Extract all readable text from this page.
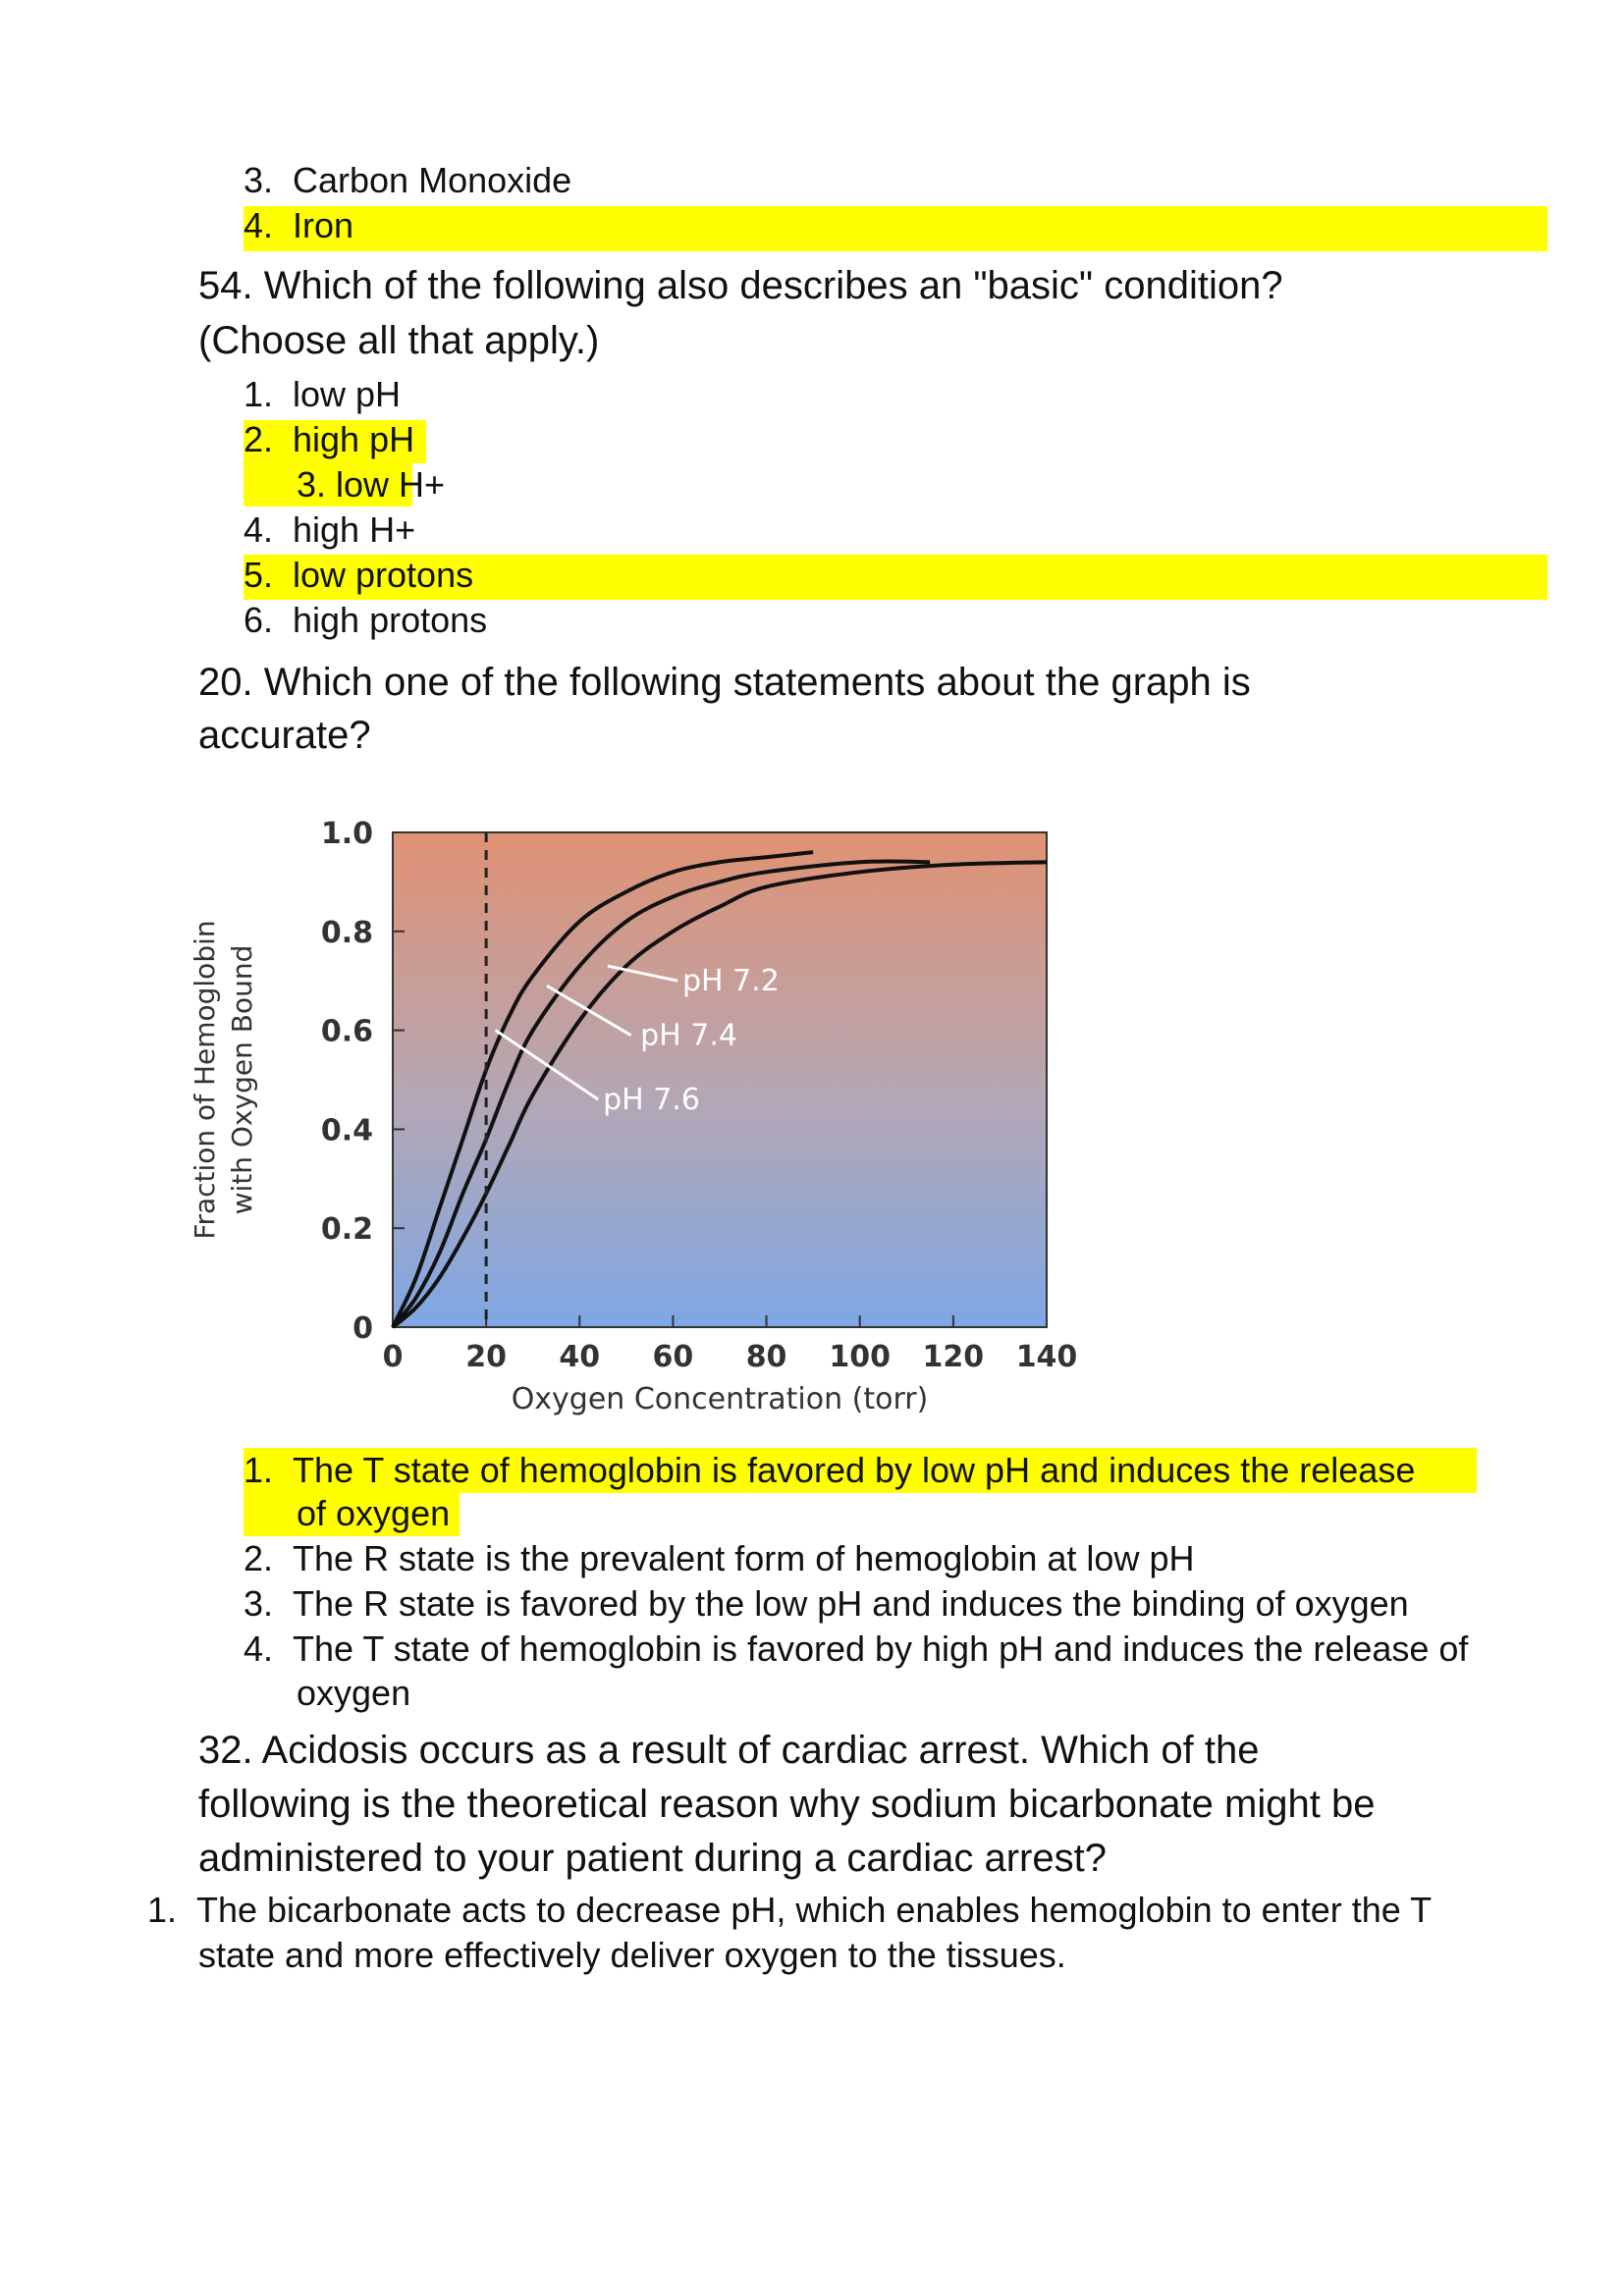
3. Carbon Monoxide
4. Iron
54. Which of the following also describes an "basic" condition?
(Choose all that apply.)
1. low pH
2. high pH
3. low H+
4. high H+
5. low protons
6. high protons
20. Which one of the following statements about the graph is
accurate?
0
0.2
0.4
0.6
0.8
1.0
0 20 40 60 80 100 120 140
pH 7.2
pH 7.4
pH 7.6
Fraction of Hemoglobin with Oxygen Bound
Oxygen Concentration (torr)
1. The T state of hemoglobin is favored by low pH and induces the release
of oxygen
2. The R state is the prevalent form of hemoglobin at low pH
3. The R state is favored by the low pH and induces the binding of oxygen
4. The T state of hemoglobin is favored by high pH and induces the release of
oxygen
32. Acidosis occurs as a result of cardiac arrest. Which of the
following is the theoretical reason why sodium bicarbonate might be
administered to your patient during a cardiac arrest?
1. The bicarbonate acts to decrease pH, which enables hemoglobin to enter the T
state and more effectively deliver oxygen to the tissues.
